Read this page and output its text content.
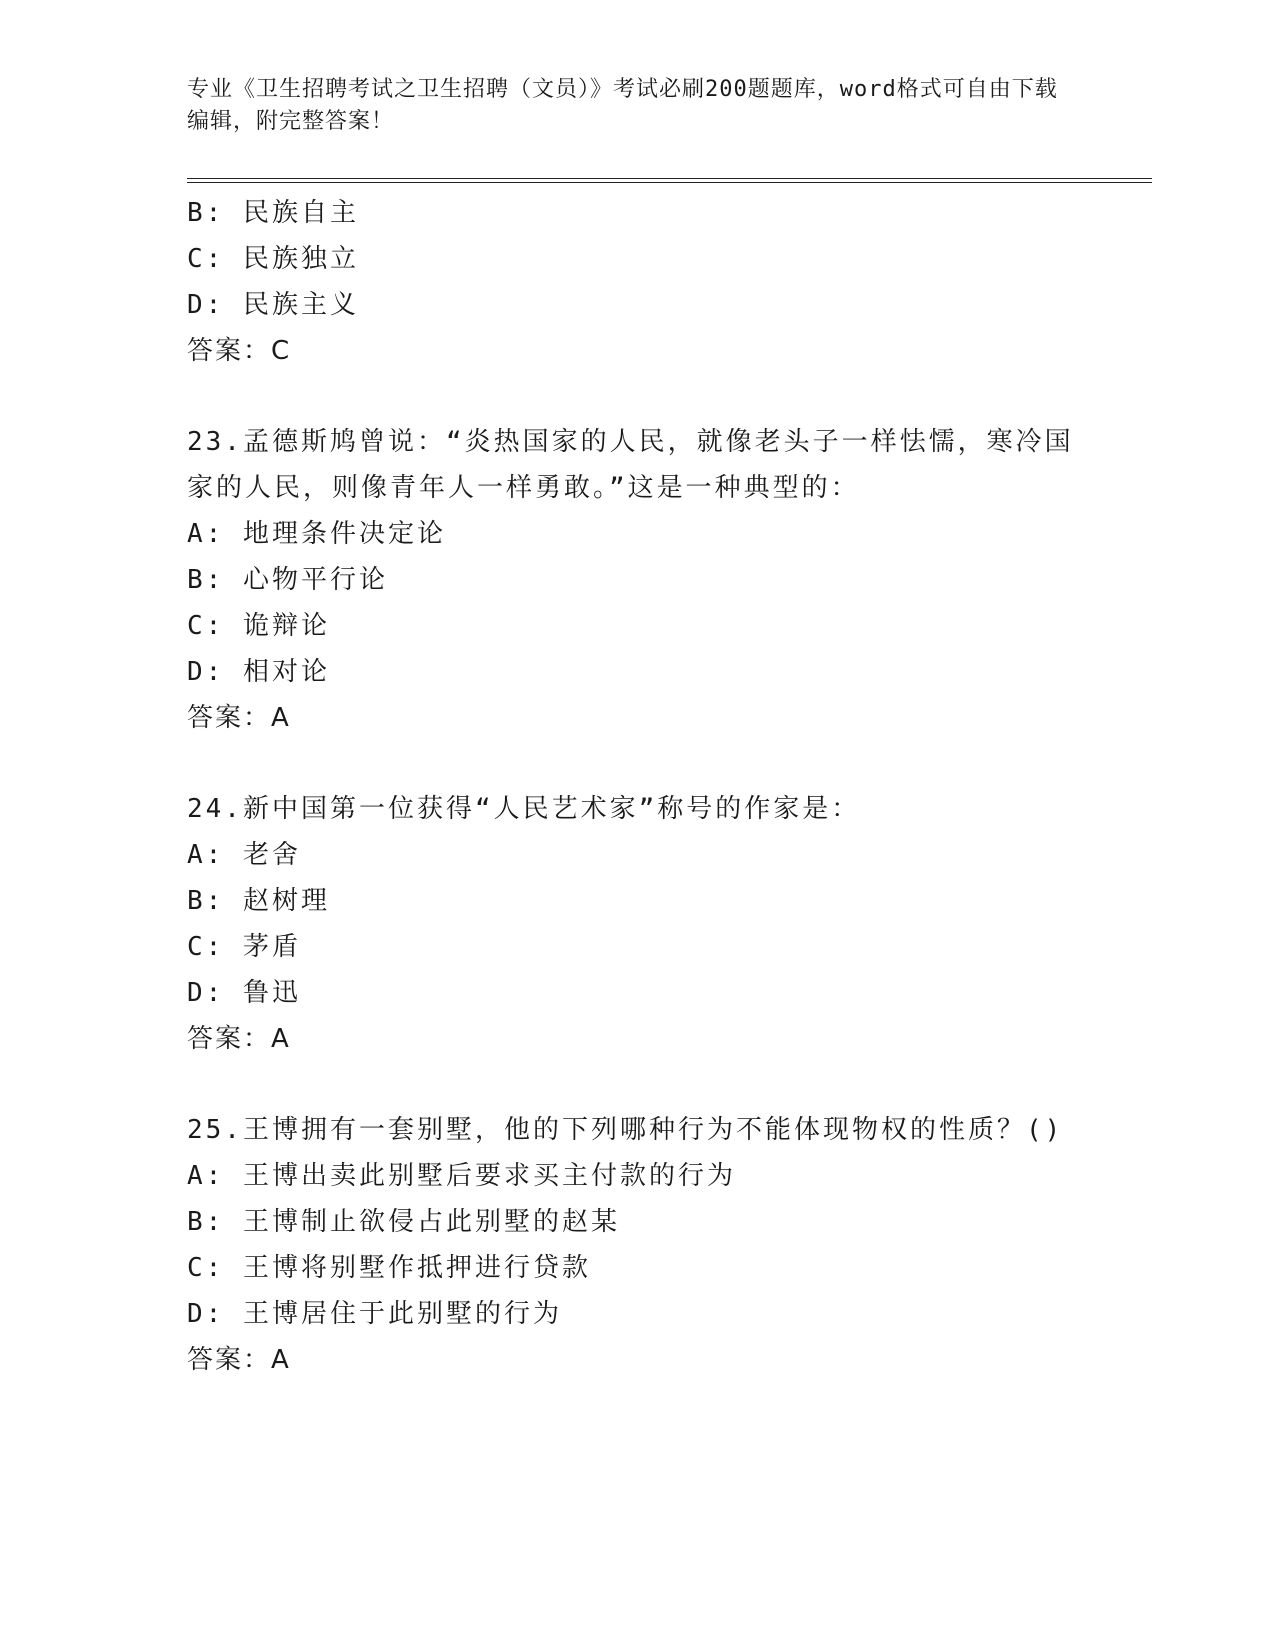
专业《卫生招聘考试之卫生招聘（文员）》考试必刷200题题库，word格式可自由下载编辑，附完整答案！
B: 民族自主
C: 民族独立
D: 民族主义
答案：C
23.孟德斯鸠曾说：“炎热国家的人民，就像老头子一样怯懦，寒冷国家的人民，则像青年人一样勇敢。”这是一种典型的：
A: 地理条件决定论
B: 心物平行论
C: 诡辩论
D: 相对论
答案：A
24.新中国第一位获得“人民艺术家”称号的作家是：
A: 老舍
B: 赵树理
C: 茅盾
D: 鲁迅
答案：A
25.王博拥有一套别墅，他的下列哪种行为不能体现物权的性质？()
A: 王博出卖此别墅后要求买主付款的行为
B: 王博制止欲侵占此别墅的赵某
C: 王博将别墅作抵押进行贷款
D: 王博居住于此别墅的行为
答案：A
